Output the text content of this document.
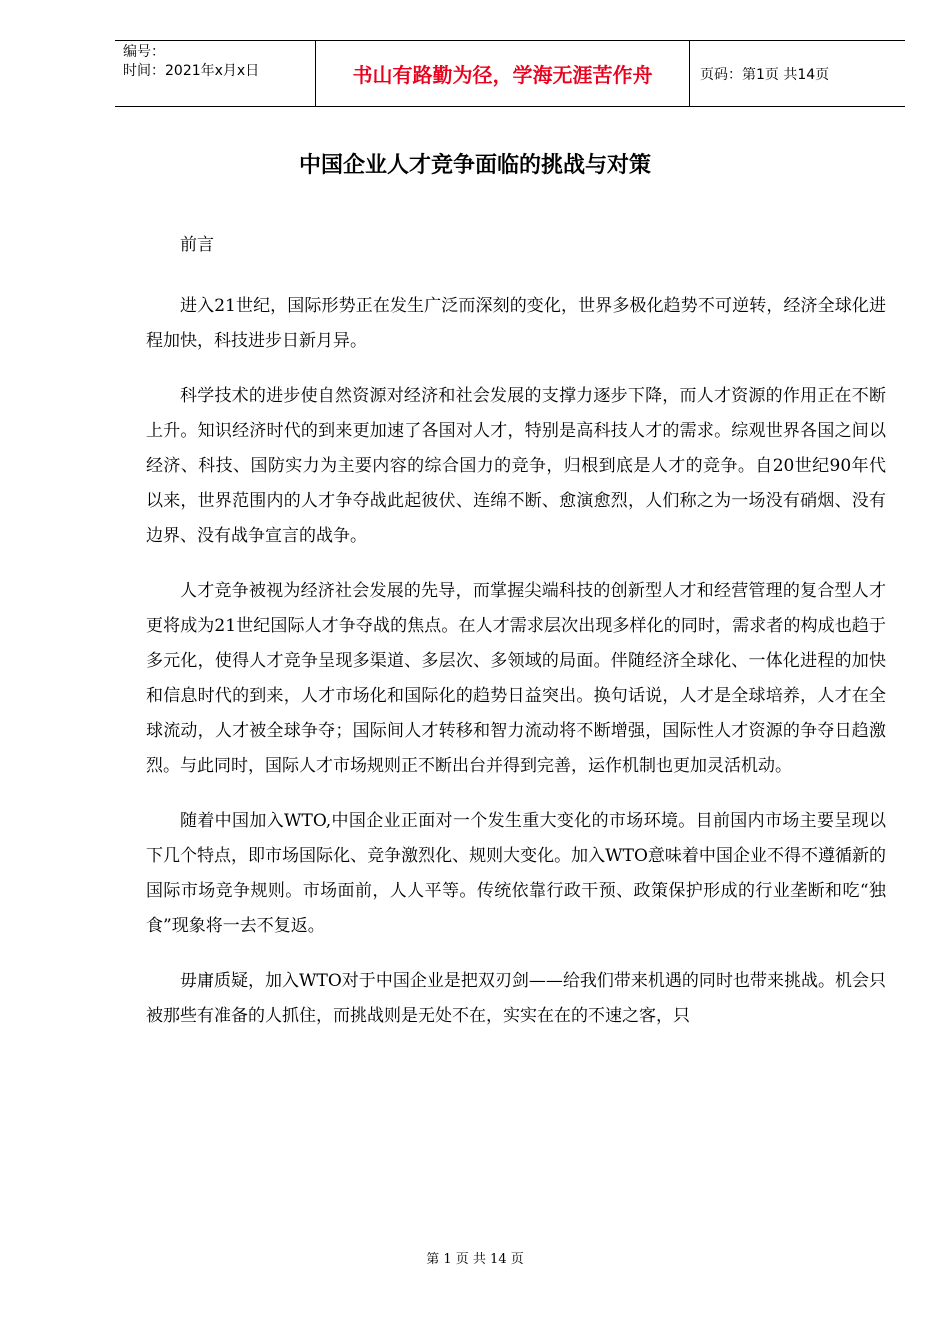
编号：
时间：2021年x月x日	书山有路勤为径，学海无涯苦作舟	页码：第1页 共14页
中国企业人才竞争面临的挑战与对策

前言

进入21世纪，国际形势正在发生广泛而深刻的变化，世界多极化趋势不可逆转，经济全球化进程加快，科技进步日新月异。

科学技术的进步使自然资源对经济和社会发展的支撑力逐步下降，而人才资源的作用正在不断上升。知识经济时代的到来更加速了各国对人才，特别是高科技人才的需求。综观世界各国之间以经济、科技、国防实力为主要内容的综合国力的竞争，归根到底是人才的竞争。自20世纪90年代以来，世界范围内的人才争夺战此起彼伏、连绵不断、愈演愈烈，人们称之为一场没有硝烟、没有边界、没有战争宣言的战争。

人才竞争被视为经济社会发展的先导，而掌握尖端科技的创新型人才和经营管理的复合型人才更将成为21世纪国际人才争夺战的焦点。在人才需求层次出现多样化的同时，需求者的构成也趋于多元化，使得人才竞争呈现多渠道、多层次、多领域的局面。伴随经济全球化、一体化进程的加快和信息时代的到来，人才市场化和国际化的趋势日益突出。换句话说，人才是全球培养，人才在全球流动，人才被全球争夺；国际间人才转移和智力流动将不断增强，国际性人才资源的争夺日趋激烈。与此同时，国际人才市场规则正不断出台并得到完善，运作机制也更加灵活机动。

随着中国加入WTO,中国企业正面对一个发生重大变化的市场环境。目前国内市场主要呈现以下几个特点，即市场国际化、竞争激烈化、规则大变化。加入WTO意味着中国企业不得不遵循新的国际市场竞争规则。市场面前，人人平等。传统依靠行政干预、政策保护形成的行业垄断和吃“独食”现象将一去不复返。

毋庸质疑，加入WTO对于中国企业是把双刃剑——给我们带来机遇的同时也带来挑战。机会只被那些有准备的人抓住，而挑战则是无处不在，实实在在的不速之客，只

第 1 页 共 14 页
